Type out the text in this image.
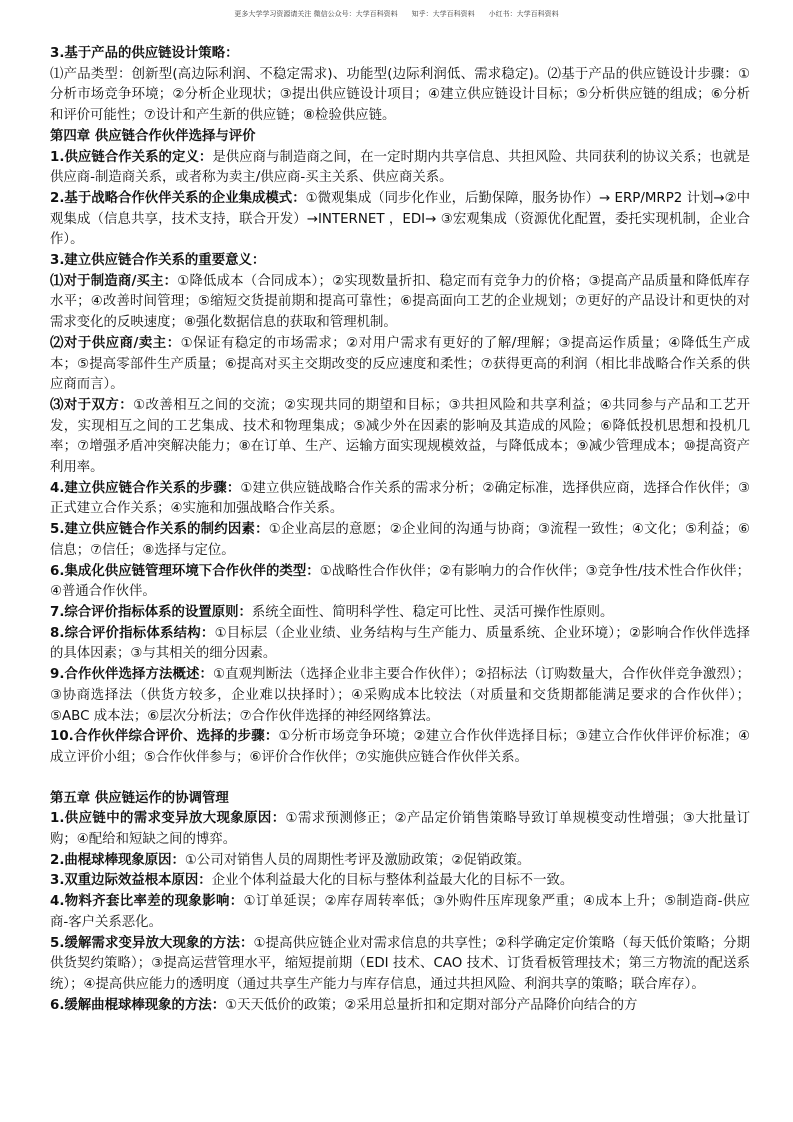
更多大学学习资源请关注 微信公众号：大学百科资料　　知乎：大学百科资料　　小红书：大学百科资料

3.基于产品的供应链设计策略：

⑴产品类型：创新型(高边际利润、不稳定需求)、功能型(边际利润低、需求稳定)。⑵基于产品的供应链设计步骤：①分析市场竞争环境；②分析企业现状；③提出供应链设计项目；④建立供应链设计目标；⑤分析供应链的组成；⑥分析和评价可能性；⑦设计和产生新的供应链；⑧检验供应链。

第四章 供应链合作伙伴选择与评价

1.供应链合作关系的定义：是供应商与制造商之间，在一定时期内共享信息、共担风险、共同获利的协议关系；也就是供应商-制造商关系，或者称为卖主/供应商-买主关系、供应商关系。

2.基于战略合作伙伴关系的企业集成模式：①微观集成（同步化作业，后勤保障，服务协作）→ ERP/MRP2 计划→②中观集成（信息共享，技术支持，联合开发）→INTERNET ，EDI→ ③宏观集成（资源优化配置，委托实现机制，企业合作）。

3.建立供应链合作关系的重要意义：

⑴对于制造商/买主：①降低成本（合同成本）；②实现数量折扣、稳定而有竞争力的价格；③提高产品质量和降低库存水平；④改善时间管理；⑤缩短交货提前期和提高可靠性；⑥提高面向工艺的企业规划；⑦更好的产品设计和更快的对需求变化的反映速度；⑧强化数据信息的获取和管理机制。

⑵对于供应商/卖主：①保证有稳定的市场需求；②对用户需求有更好的了解/理解；③提高运作质量；④降低生产成本；⑤提高零部件生产质量；⑥提高对买主交期改变的反应速度和柔性；⑦获得更高的利润（相比非战略合作关系的供应商而言）。

⑶对于双方：①改善相互之间的交流；②实现共同的期望和目标；③共担风险和共享利益；④共同参与产品和工艺开发，实现相互之间的工艺集成、技术和物理集成；⑤减少外在因素的影响及其造成的风险；⑥降低投机思想和投机几率；⑦增强矛盾冲突解决能力；⑧在订单、生产、运输方面实现规模效益，与降低成本；⑨减少管理成本；⑩提高资产利用率。

4.建立供应链合作关系的步骤：①建立供应链战略合作关系的需求分析；②确定标准，选择供应商，选择合作伙伴；③正式建立合作关系；④实施和加强战略合作关系。

5.建立供应链合作关系的制约因素：①企业高层的意愿；②企业间的沟通与协商；③流程一致性；④文化；⑤利益；⑥信息；⑦信任；⑧选择与定位。

6.集成化供应链管理环境下合作伙伴的类型：①战略性合作伙伴；②有影响力的合作伙伴；③竞争性/技术性合作伙伴；④普通合作伙伴。

7.综合评价指标体系的设置原则：系统全面性、简明科学性、稳定可比性、灵活可操作性原则。

8.综合评价指标体系结构：①目标层（企业业绩、业务结构与生产能力、质量系统、企业环境）；②影响合作伙伴选择的具体因素；③与其相关的细分因素。

9.合作伙伴选择方法概述：①直观判断法（选择企业非主要合作伙伴）；②招标法（订购数量大，合作伙伴竞争激烈）；③协商选择法（供货方较多，企业难以抉择时）；④采购成本比较法（对质量和交货期都能满足要求的合作伙伴）；⑤ABC 成本法；⑥层次分析法；⑦合作伙伴选择的神经网络算法。

10.合作伙伴综合评价、选择的步骤：①分析市场竞争环境；②建立合作伙伴选择目标；③建立合作伙伴评价标准；④成立评价小组；⑤合作伙伴参与；⑥评价合作伙伴；⑦实施供应链合作伙伴关系。

第五章 供应链运作的协调管理

1.供应链中的需求变异放大现象原因：①需求预测修正；②产品定价销售策略导致订单规模变动性增强；③大批量订购；④配给和短缺之间的博弈。

2.曲棍球棒现象原因：①公司对销售人员的周期性考评及激励政策；②促销政策。

3.双重边际效益根本原因：企业个体利益最大化的目标与整体利益最大化的目标不一致。

4.物料齐套比率差的现象影响：①订单延误；②库存周转率低；③外购件压库现象严重；④成本上升；⑤制造商-供应商-客户关系恶化。

5.缓解需求变异放大现象的方法：①提高供应链企业对需求信息的共享性；②科学确定定价策略（每天低价策略；分期供货契约策略）；③提高运营管理水平，缩短提前期（EDI 技术、CAO 技术、订货看板管理技术；第三方物流的配送系统）；④提高供应能力的透明度（通过共享生产能力与库存信息，通过共担风险、利润共享的策略；联合库存）。

6.缓解曲棍球棒现象的方法：①天天低价的政策；②采用总量折扣和定期对部分产品降价向结合的方
